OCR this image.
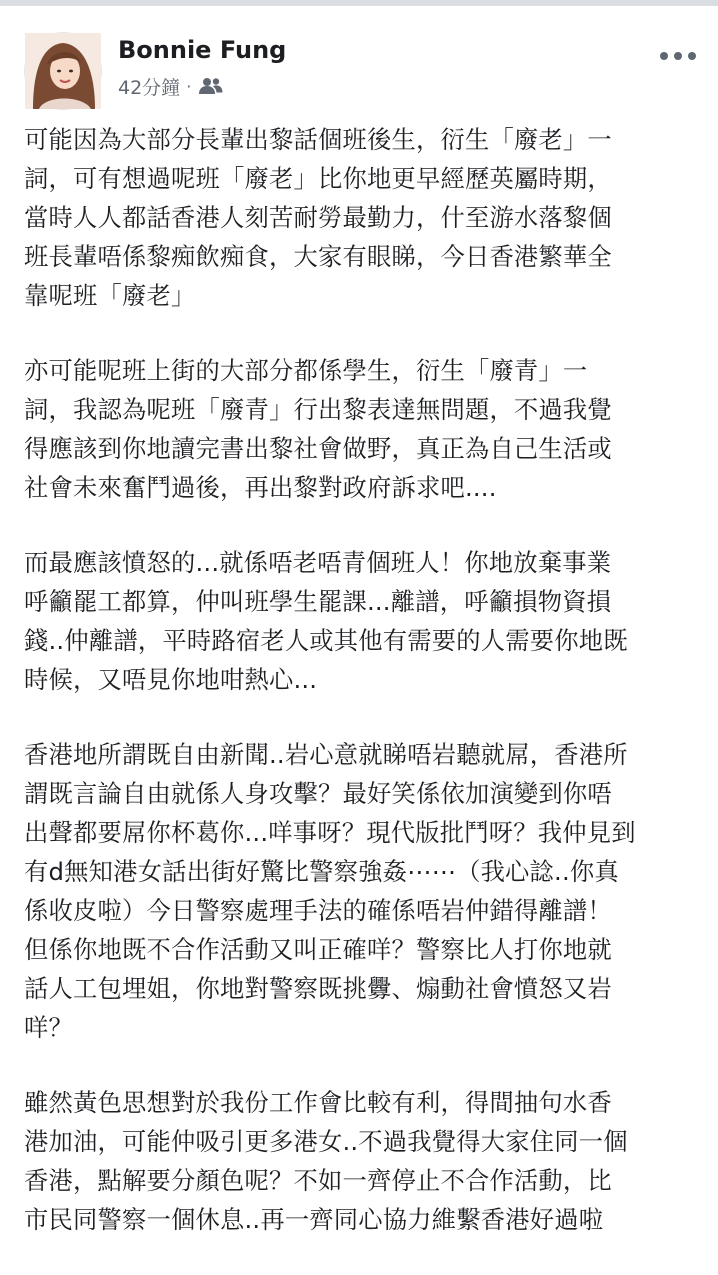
Bonnie Fung
42分鐘 ·

可能因為大部分長輩出黎話個班後生，衍生「廢老」一
詞，可有想過呢班「廢老」比你地更早經歷英屬時期，
當時人人都話香港人刻苦耐勞最勤力，什至游水落黎個
班長輩唔係黎痴飲痴食，大家有眼睇，今日香港繁華全
靠呢班「廢老」

亦可能呢班上街的大部分都係學生，衍生「廢青」一
詞，我認為呢班「廢青」行出黎表達無問題，不過我覺
得應該到你地讀完書出黎社會做野，真正為自己生活或
社會未來奮鬥過後，再出黎對政府訴求吧....

而最應該憤怒的...就係唔老唔青個班人！你地放棄事業
呼籲罷工都算，仲叫班學生罷課...離譜，呼籲損物資損
錢..仲離譜，平時路宿老人或其他有需要的人需要你地既
時候，又唔見你地咁熱心...

香港地所謂既自由新聞..岩心意就睇唔岩聽就屌，香港所
謂既言論自由就係人身攻擊？最好笑係依加演變到你唔
出聲都要屌你杯葛你...咩事呀？現代版批鬥呀？我仲見到
有d無知港女話出街好驚比警察強姦⋯⋯（我心諗..你真
係收皮啦）今日警察處理手法的確係唔岩仲錯得離譜！
但係你地既不合作活動又叫正確咩？警察比人打你地就
話人工包埋姐，你地對警察既挑釁、煽動社會憤怒又岩
咩？

雖然黃色思想對於我份工作會比較有利，得間抽句水香
港加油，可能仲吸引更多港女..不過我覺得大家住同一個
香港，點解要分顏色呢？不如一齊停止不合作活動，比
市民同警察一個休息..再一齊同心協力維繫香港好過啦
